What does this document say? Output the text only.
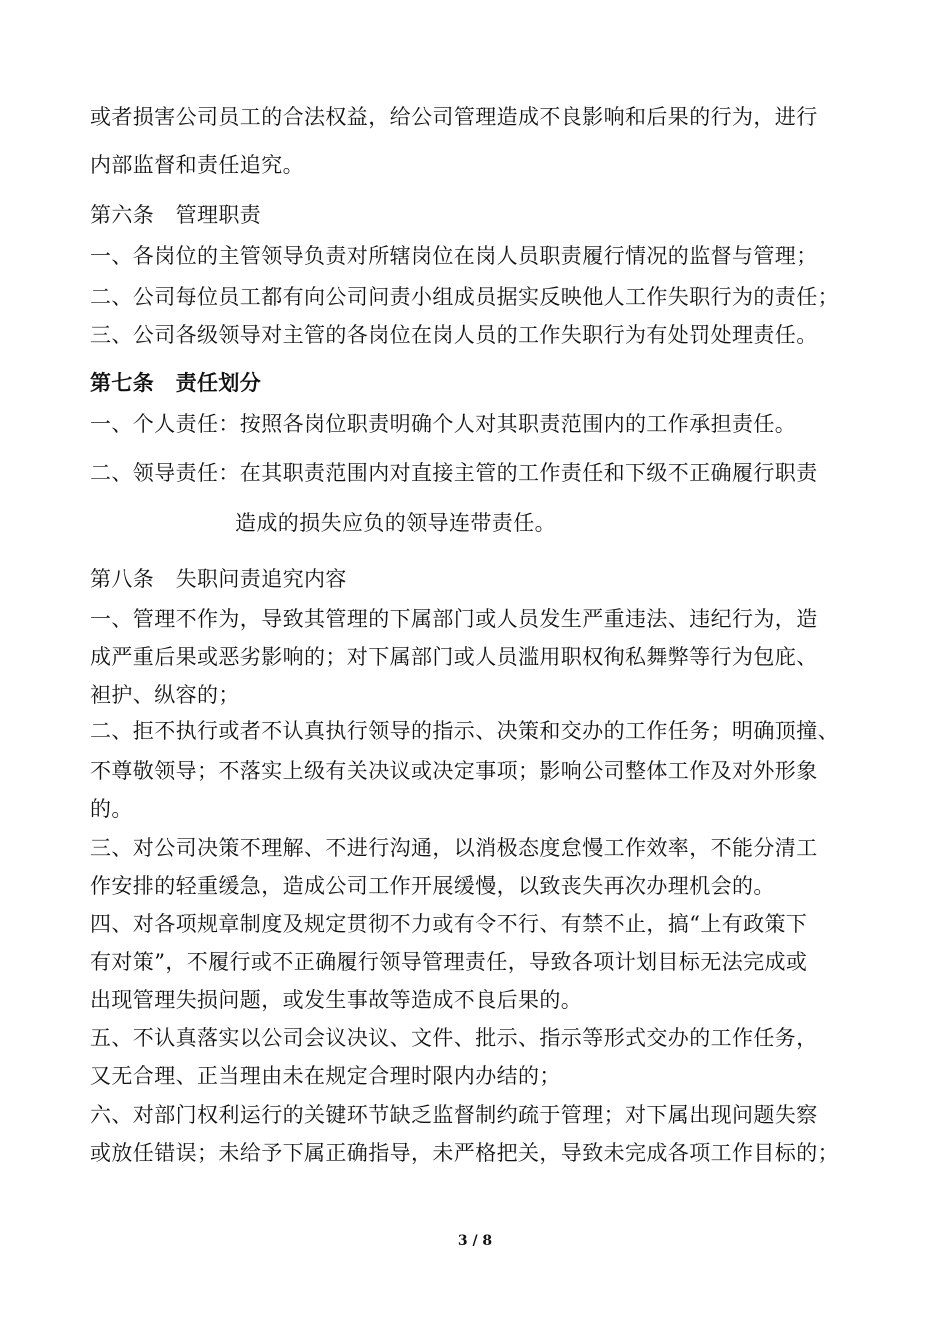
或者损害公司员工的合法权益，给公司管理造成不良影响和后果的行为，进行
内部监督和责任追究。
第六条　管理职责
一、各岗位的主管领导负责对所辖岗位在岗人员职责履行情况的监督与管理；
二、公司每位员工都有向公司问责小组成员据实反映他人工作失职行为的责任；
三、公司各级领导对主管的各岗位在岗人员的工作失职行为有处罚处理责任。
第七条　责任划分
一、个人责任：按照各岗位职责明确个人对其职责范围内的工作承担责任。
二、领导责任：在其职责范围内对直接主管的工作责任和下级不正确履行职责
造成的损失应负的领导连带责任。
第八条　失职问责追究内容
一、管理不作为，导致其管理的下属部门或人员发生严重违法、违纪行为，造
成严重后果或恶劣影响的；对下属部门或人员滥用职权徇私舞弊等行为包庇、
袒护、纵容的；
二、拒不执行或者不认真执行领导的指示、决策和交办的工作任务；明确顶撞、
不尊敬领导；不落实上级有关决议或决定事项；影响公司整体工作及对外形象
的。
三、对公司决策不理解、不进行沟通，以消极态度怠慢工作效率，不能分清工
作安排的轻重缓急，造成公司工作开展缓慢，以致丧失再次办理机会的。
四、对各项规章制度及规定贯彻不力或有令不行、有禁不止，搞“上有政策下
有对策”，不履行或不正确履行领导管理责任，导致各项计划目标无法完成或
出现管理失损问题，或发生事故等造成不良后果的。
五、不认真落实以公司会议决议、文件、批示、指示等形式交办的工作任务，
又无合理、正当理由未在规定合理时限内办结的；
六、对部门权利运行的关键环节缺乏监督制约疏于管理；对下属出现问题失察
或放任错误；未给予下属正确指导，未严格把关，导致未完成各项工作目标的；
3 / 8
